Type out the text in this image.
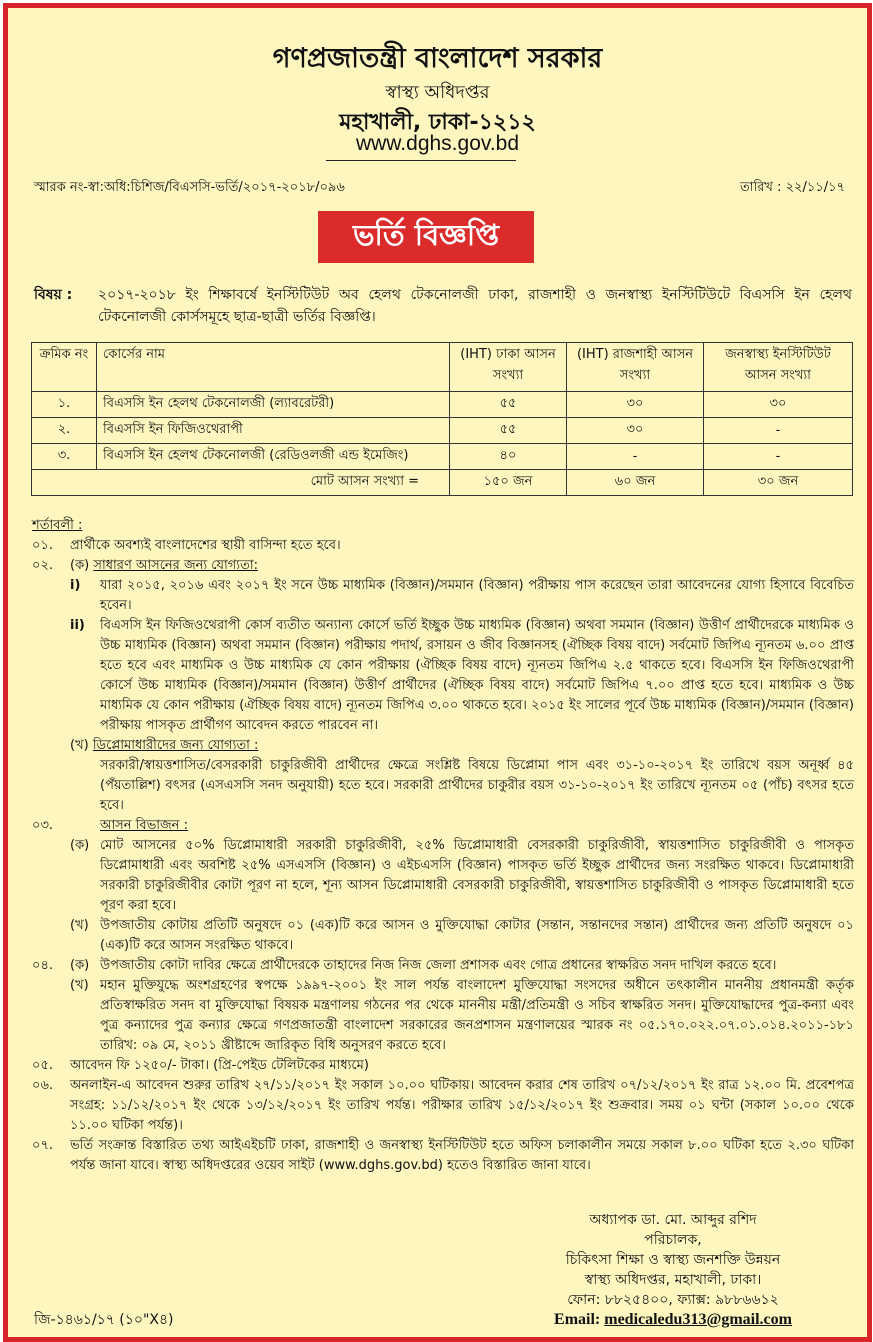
গণপ্রজাতন্ত্রী বাংলাদেশ সরকার
স্বাস্থ্য অধিদপ্তর
মহাখালী, ঢাকা-১২১২
www.dghs.gov.bd
স্মারক নং-স্বা:অধি:চিশিজ/বিএসসি-ভর্তি/২০১৭-২০১৮/০৯৬	তারিখ : ২২/১১/১৭
ভর্তি বিজ্ঞপ্তি
বিষয় : ২০১৭-২০১৮ ইং শিক্ষাবর্ষে ইনস্টিটিউট অব হেলথ টেকনোলজী ঢাকা, রাজশাহী ও জনস্বাস্থ্য ইনস্টিটিউটে বিএসসি ইন হেলথ টেকনোলজী কোর্সসমূহে ছাত্র-ছাত্রী ভর্তির বিজ্ঞপ্তি।
ক্রমিক নং	কোর্সের নাম	(IHT) ঢাকা আসন সংখ্যা	(IHT) রাজশাহী আসন সংখ্যা	জনস্বাস্থ্য ইনস্টিটিউট আসন সংখ্যা
১.	বিএসসি ইন হেলথ টেকনোলজী (ল্যাবরেটরী)	৫৫	৩০	৩০
২.	বিএসসি ইন ফিজিওথেরাপী	৫৫	৩০	-
৩.	বিএসসি ইন হেলথ টেকনোলজী (রেডিওলজী এন্ড ইমেজিং)	৪০	-	-
মোট আসন সংখ্যা =		১৫০ জন	৬০ জন	৩০ জন
শর্তাবলী :
০১.	প্রার্থীকে অবশ্যই বাংলাদেশের স্থায়ী বাসিন্দা হতে হবে।
০২.	(ক) সাধারণ আসনের জন্য যোগ্যতা:
i)	যারা ২০১৫, ২০১৬ এবং ২০১৭ ইং সনে উচ্চ মাধ্যমিক (বিজ্ঞান)/সমমান (বিজ্ঞান) পরীক্ষায় পাস করেছেন তারা আবেদনের যোগ্য হিসাবে বিবেচিত হবেন।
ii)	বিএসসি ইন ফিজিওথেরাপী কোর্স ব্যতীত অন্যান্য কোর্সে ভর্তি ইচ্ছুক উচ্চ মাধ্যমিক (বিজ্ঞান) অথবা সমমান (বিজ্ঞান) উত্তীর্ণ প্রার্থীদেরকে মাধ্যমিক ও উচ্চ মাধ্যমিক (বিজ্ঞান) অথবা সমমান (বিজ্ঞান) পরীক্ষায় পদার্থ, রসায়ন ও জীব বিজ্ঞানসহ (ঐচ্ছিক বিষয় বাদে) সর্বমোট জিপিএ ন্যূনতম ৬.০০ প্রাপ্ত হতে হবে এবং মাধ্যমিক ও উচ্চ মাধ্যমিক যে কোন পরীক্ষায় (ঐচ্ছিক বিষয় বাদে) ন্যূনতম জিপিএ ২.৫ থাকতে হবে। বিএসসি ইন ফিজিওথেরাপী কোর্সে উচ্চ মাধ্যমিক (বিজ্ঞান)/সমমান (বিজ্ঞান) উত্তীর্ণ প্রার্থীদের (ঐচ্ছিক বিষয় বাদে) সর্বমোট জিপিএ ৭.০০ প্রাপ্ত হতে হবে। মাধ্যমিক ও উচ্চ মাধ্যমিক যে কোন পরীক্ষায় (ঐচ্ছিক বিষয় বাদে) ন্যূনতম জিপিএ ৩.০০ থাকতে হবে। ২০১৫ ইং সালের পূর্বে উচ্চ মাধ্যমিক (বিজ্ঞান)/সমমান (বিজ্ঞান) পরীক্ষায় পাসকৃত প্রার্থীগণ আবেদন করতে পারবেন না।
(খ) ডিপ্লোমাধারীদের জন্য যোগ্যতা :
সরকারী/স্বায়ত্তশাসিত/বেসরকারী চাকুরিজীবী প্রার্থীদের ক্ষেত্রে সংশ্লিষ্ট বিষয়ে ডিপ্লোমা পাস এবং ৩১-১০-২০১৭ ইং তারিখে বয়স অনূর্ধ্ব ৪৫ (পঁয়তাল্লিশ) বৎসর (এসএসসি সনদ অনুযায়ী) হতে হবে। সরকারী প্রার্থীদের চাকুরীর বয়স ৩১-১০-২০১৭ ইং তারিখে ন্যূনতম ০৫ (পাঁচ) বৎসর হতে হবে।
০৩.	আসন বিভাজন :
(ক) মোট আসনের ৫০% ডিপ্লোমাধারী সরকারী চাকুরিজীবী, ২৫% ডিপ্লোমাধারী বেসরকারী চাকুরিজীবী, স্বায়ত্তশাসিত চাকুরিজীবী ও পাসকৃত ডিপ্লোমাধারী এবং অবশিষ্ট ২৫% এসএসসি (বিজ্ঞান) ও এইচএসসি (বিজ্ঞান) পাসকৃত ভর্তি ইচ্ছুক প্রার্থীদের জন্য সংরক্ষিত থাকবে। ডিপ্লোমাধারী সরকারী চাকুরিজীবীর কোটা পূরণ না হলে, শূন্য আসন ডিপ্লোমাধারী বেসরকারী চাকুরিজীবী, স্বায়ত্তশাসিত চাকুরিজীবী ও পাসকৃত ডিপ্লোমাধারী হতে পূরণ করা হবে।
(খ) উপজাতীয় কোটায় প্রতিটি অনুষদে ০১ (এক)টি করে আসন ও মুক্তিযোদ্ধা কোটার (সন্তান, সন্তানদের সন্তান) প্রার্থীদের জন্য প্রতিটি অনুষদে ০১ (এক)টি করে আসন সংরক্ষিত থাকবে।
০৪.	(ক) উপজাতীয় কোটা দাবির ক্ষেত্রে প্রার্থীদেরকে তাহাদের নিজ নিজ জেলা প্রশাসক এবং গোত্র প্রধানের স্বাক্ষরিত সনদ দাখিল করতে হবে।
(খ) মহান মুক্তিযুদ্ধে অংশগ্রহণের স্বপক্ষে ১৯৯৭-২০০১ ইং সাল পর্যন্ত বাংলাদেশ মুক্তিযোদ্ধা সংসদের অধীনে তৎকালীন মাননীয় প্রধানমন্ত্রী কর্তৃক প্রতিস্বাক্ষরিত সনদ বা মুক্তিযোদ্ধা বিষয়ক মন্ত্রণালয় গঠনের পর থেকে মাননীয় মন্ত্রী/প্রতিমন্ত্রী ও সচিব স্বাক্ষরিত সনদ। মুক্তিযোদ্ধাদের পুত্র-কন্যা এবং পুত্র কন্যাদের পুত্র কন্যার ক্ষেত্রে গণপ্রজাতন্ত্রী বাংলাদেশ সরকারের জনপ্রশাসন মন্ত্রণালয়ের স্মারক নং ০৫.১৭০.০২২.০৭.০১.০১৪.২০১১-১৮১ তারিখ: ০৯ মে, ২০১১ খ্রীষ্টাব্দে জারিকৃত বিধি অনুসরণ করতে হবে।
০৫.	আবেদন ফি ১২৫০/- টাকা। (প্রি-পেইড টেলিটকের মাধ্যমে)
০৬.	অনলাইন-এ আবেদন শুরুর তারিখ ২৭/১১/২০১৭ ইং সকাল ১০.০০ ঘটিকায়। আবেদন করার শেষ তারিখ ০৭/১২/২০১৭ ইং রাত্র ১২.০০ মি. প্রবেশপত্র সংগ্রহ: ১১/১২/২০১৭ ইং থেকে ১৩/১২/২০১৭ ইং তারিখ পর্যন্ত। পরীক্ষার তারিখ ১৫/১২/২০১৭ ইং শুক্রবার। সময় ০১ ঘন্টা (সকাল ১০.০০ থেকে ১১.০০ ঘটিকা পর্যন্ত)।
০৭.	ভর্তি সংক্রান্ত বিস্তারিত তথ্য আইএইচটি ঢাকা, রাজশাহী ও জনস্বাস্থ্য ইনস্টিটিউট হতে অফিস চলাকালীন সময়ে সকাল ৮.০০ ঘটিকা হতে ২.৩০ ঘটিকা পর্যন্ত জানা যাবে। স্বাস্থ্য অধিদপ্তরের ওয়েব সাইট (www.dghs.gov.bd) হতেও বিস্তারিত জানা যাবে।
অধ্যাপক ডা. মো. আব্দুর রশিদ
পরিচালক,
চিকিৎসা শিক্ষা ও স্বাস্থ্য জনশক্তি উন্নয়ন
স্বাস্থ্য অধিদপ্তর, মহাখালী, ঢাকা।
ফোন: ৮৮২৫৪০০, ফ্যাক্স: ৯৮৮৬৬১২
Email: medicaledu313@gmail.com
জি-১৪৬১/১৭ (১০"X৪)
